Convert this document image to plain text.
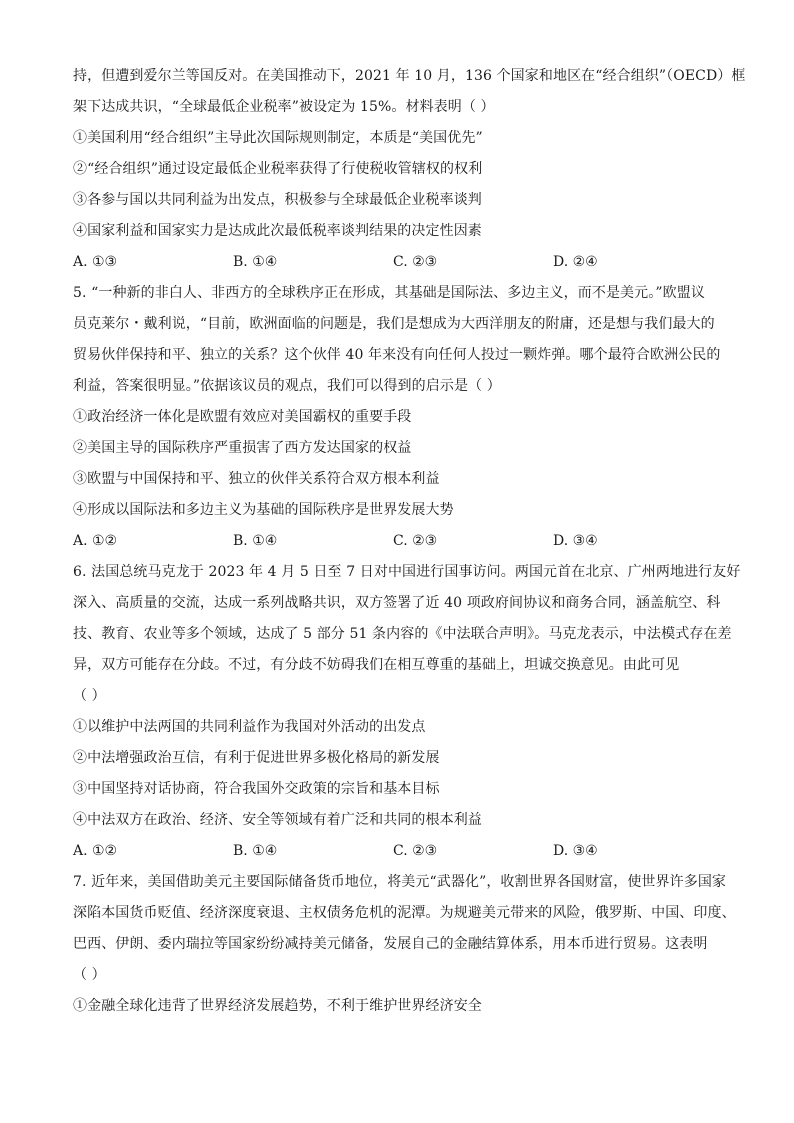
持，但遭到爱尔兰等国反对。在美国推动下，2021 年 10 月，136 个国家和地区在“经合组织”（OECD）框
架下达成共识，“全球最低企业税率”被设定为 15%。材料表明（ ）
①美国利用“经合组织”主导此次国际规则制定，本质是“美国优先”
②“经合组织”通过设定最低企业税率获得了行使税收管辖权的权利
③各参与国以共同利益为出发点，积极参与全球最低企业税率谈判
④国家利益和国家实力是达成此次最低税率谈判结果的决定性因素
A. ①③	B. ①④	C. ②③	D. ②④
5. “一种新的非白人、非西方的全球秩序正在形成，其基础是国际法、多边主义，而不是美元。”欧盟议
员克莱尔・戴利说，“目前，欧洲面临的问题是，我们是想成为大西洋朋友的附庸，还是想与我们最大的
贸易伙伴保持和平、独立的关系？这个伙伴 40 年来没有向任何人投过一颗炸弹。哪个最符合欧洲公民的
利益，答案很明显。”依据该议员的观点，我们可以得到的启示是（ ）
①政治经济一体化是欧盟有效应对美国霸权的重要手段
②美国主导的国际秩序严重损害了西方发达国家的权益
③欧盟与中国保持和平、独立的伙伴关系符合双方根本利益
④形成以国际法和多边主义为基础的国际秩序是世界发展大势
A. ①②	B. ①④	C. ②③	D. ③④
6. 法国总统马克龙于 2023 年 4 月 5 日至 7 日对中国进行国事访问。两国元首在北京、广州两地进行友好
深入、高质量的交流，达成一系列战略共识，双方签署了近 40 项政府间协议和商务合同，涵盖航空、科
技、教育、农业等多个领域，达成了 5 部分 51 条内容的《中法联合声明》。马克龙表示，中法模式存在差
异，双方可能存在分歧。不过，有分歧不妨碍我们在相互尊重的基础上，坦诚交换意见。由此可见
（ ）
①以维护中法两国的共同利益作为我国对外活动的出发点
②中法增强政治互信，有利于促进世界多极化格局的新发展
③中国坚持对话协商，符合我国外交政策的宗旨和基本目标
④中法双方在政治、经济、安全等领域有着广泛和共同的根本利益
A. ①②	B. ①④	C. ②③	D. ③④
7. 近年来，美国借助美元主要国际储备货币地位，将美元“武器化”，收割世界各国财富，使世界许多国家
深陷本国货币贬值、经济深度衰退、主权债务危机的泥潭。为规避美元带来的风险，俄罗斯、中国、印度、
巴西、伊朗、委内瑞拉等国家纷纷减持美元储备，发展自己的金融结算体系，用本币进行贸易。这表明
（ ）
①金融全球化违背了世界经济发展趋势，不利于维护世界经济安全
